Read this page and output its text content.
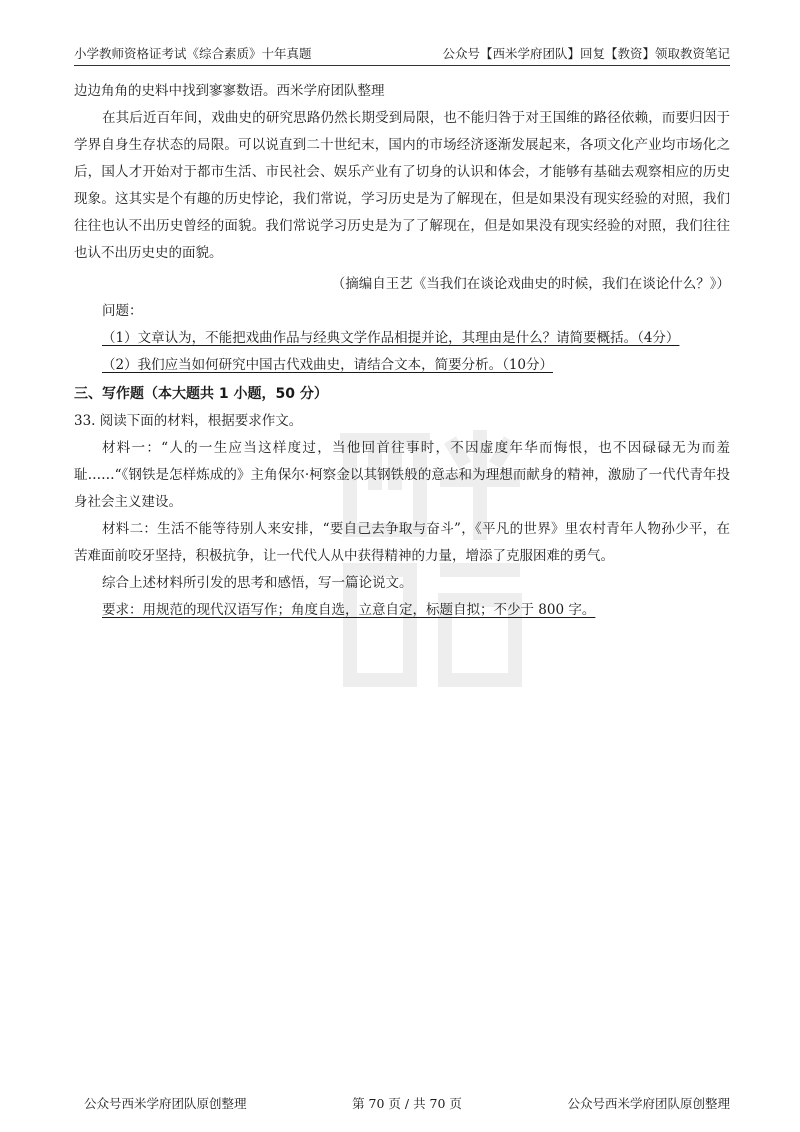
小学教师资格证考试《综合素质》十年真题	公众号【西米学府团队】回复【教资】领取教资笔记

边边角角的史料中找到寥寥数语。西米学府团队整理

在其后近百年间，戏曲史的研究思路仍然长期受到局限，也不能归咎于对王国维的路径依赖，而要归因于学界自身生存状态的局限。可以说直到二十世纪末，国内的市场经济逐渐发展起来，各项文化产业均市场化之后，国人才开始对于都市生活、市民社会、娱乐产业有了切身的认识和体会，才能够有基础去观察相应的历史现象。这其实是个有趣的历史悖论，我们常说，学习历史是为了解现在，但是如果没有现实经验的对照，我们往往也认不出历史曾经的面貌。我们常说学习历史是为了了解现在，但是如果没有现实经验的对照，我们往往也认不出历史史的面貌。

（摘编自王艺《当我们在谈论戏曲史的时候，我们在谈论什么？》）

问题：

（1）文章认为，不能把戏曲作品与经典文学作品相提并论，其理由是什么？请简要概括。（4分）

（2）我们应当如何研究中国古代戏曲史，请结合文本，简要分析。（10分）

三、写作题（本大题共 1 小题，50 分）

33. 阅读下面的材料，根据要求作文。

材料一：“人的一生应当这样度过，当他回首往事时，不因虚度年华而悔恨，也不因碌碌无为而羞耻……“《钢铁是怎样炼成的》主角保尔·柯察金以其钢铁般的意志和为理想而献身的精神，激励了一代代青年投身社会主义建设。

材料二：生活不能等待别人来安排，“要自己去争取与奋斗”，《平凡的世界》里农村青年人物孙少平，在苦难面前咬牙坚持，积极抗争，让一代代人从中获得精神的力量，增添了克服困难的勇气。

综合上述材料所引发的思考和感悟，写一篇论说文。

要求：用规范的现代汉语写作；角度自选，立意自定，标题自拟；不少于 800 字。

公众号西米学府团队原创整理	第 70 页 / 共 70 页	公众号西米学府团队原创整理
